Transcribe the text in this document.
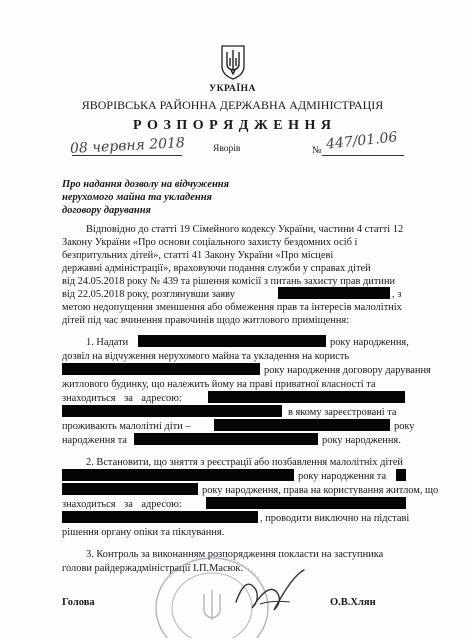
УКРАЇНА
ЯВОРІВСЬКА РАЙОННА ДЕРЖАВНА АДМІНІСТРАЦІЯ
Р О З П О Р Я Д Ж Е Н Н Я
08 червня 2018	Яворів	№ 447/01.06
Про надання дозволу на відчуження
нерухомого майна та укладення
договору дарування
Відповідно до статті 19 Сімейного кодексу України, частини 4 статті 12
Закону України «Про основи соціального захисту бездомних осіб і
безпритульних дітей», статті 41 Закону України «Про місцеві
державні адміністрації», враховуючи подання служби у справах дітей
від 24.05.2018 року № 439 та рішення комісії з питань захисту прав дитини
від 22.05.2018 року, розглянувши заяву	, з
метою недопущення зменшення або обмеження прав та інтересів малолітніх
дітей під час вчинення правочинів щодо житлового приміщення:
1. Надати	року народження,
дозвіл на відчуження нерухомого майна та укладення на користь
року народження договору дарування
житлового будинку, що належить йому на праві приватної власності та
знаходиться за адресою:
в якому зареєстровані та
проживають малолітні діти –	року
народження та	року народження.
2. Встановити, що зняття з реєстрації або позбавлення малолітніх дітей
року народження та
року народження, права на користування житлом, що
знаходиться за адресою:
, проводити виключно на підставі
рішення органу опіки та піклування.
3. Контроль за виконанням розпорядження покласти на заступника
голови райдержадміністрації І.П.Масюк.
Голова	О.В.Хлян
